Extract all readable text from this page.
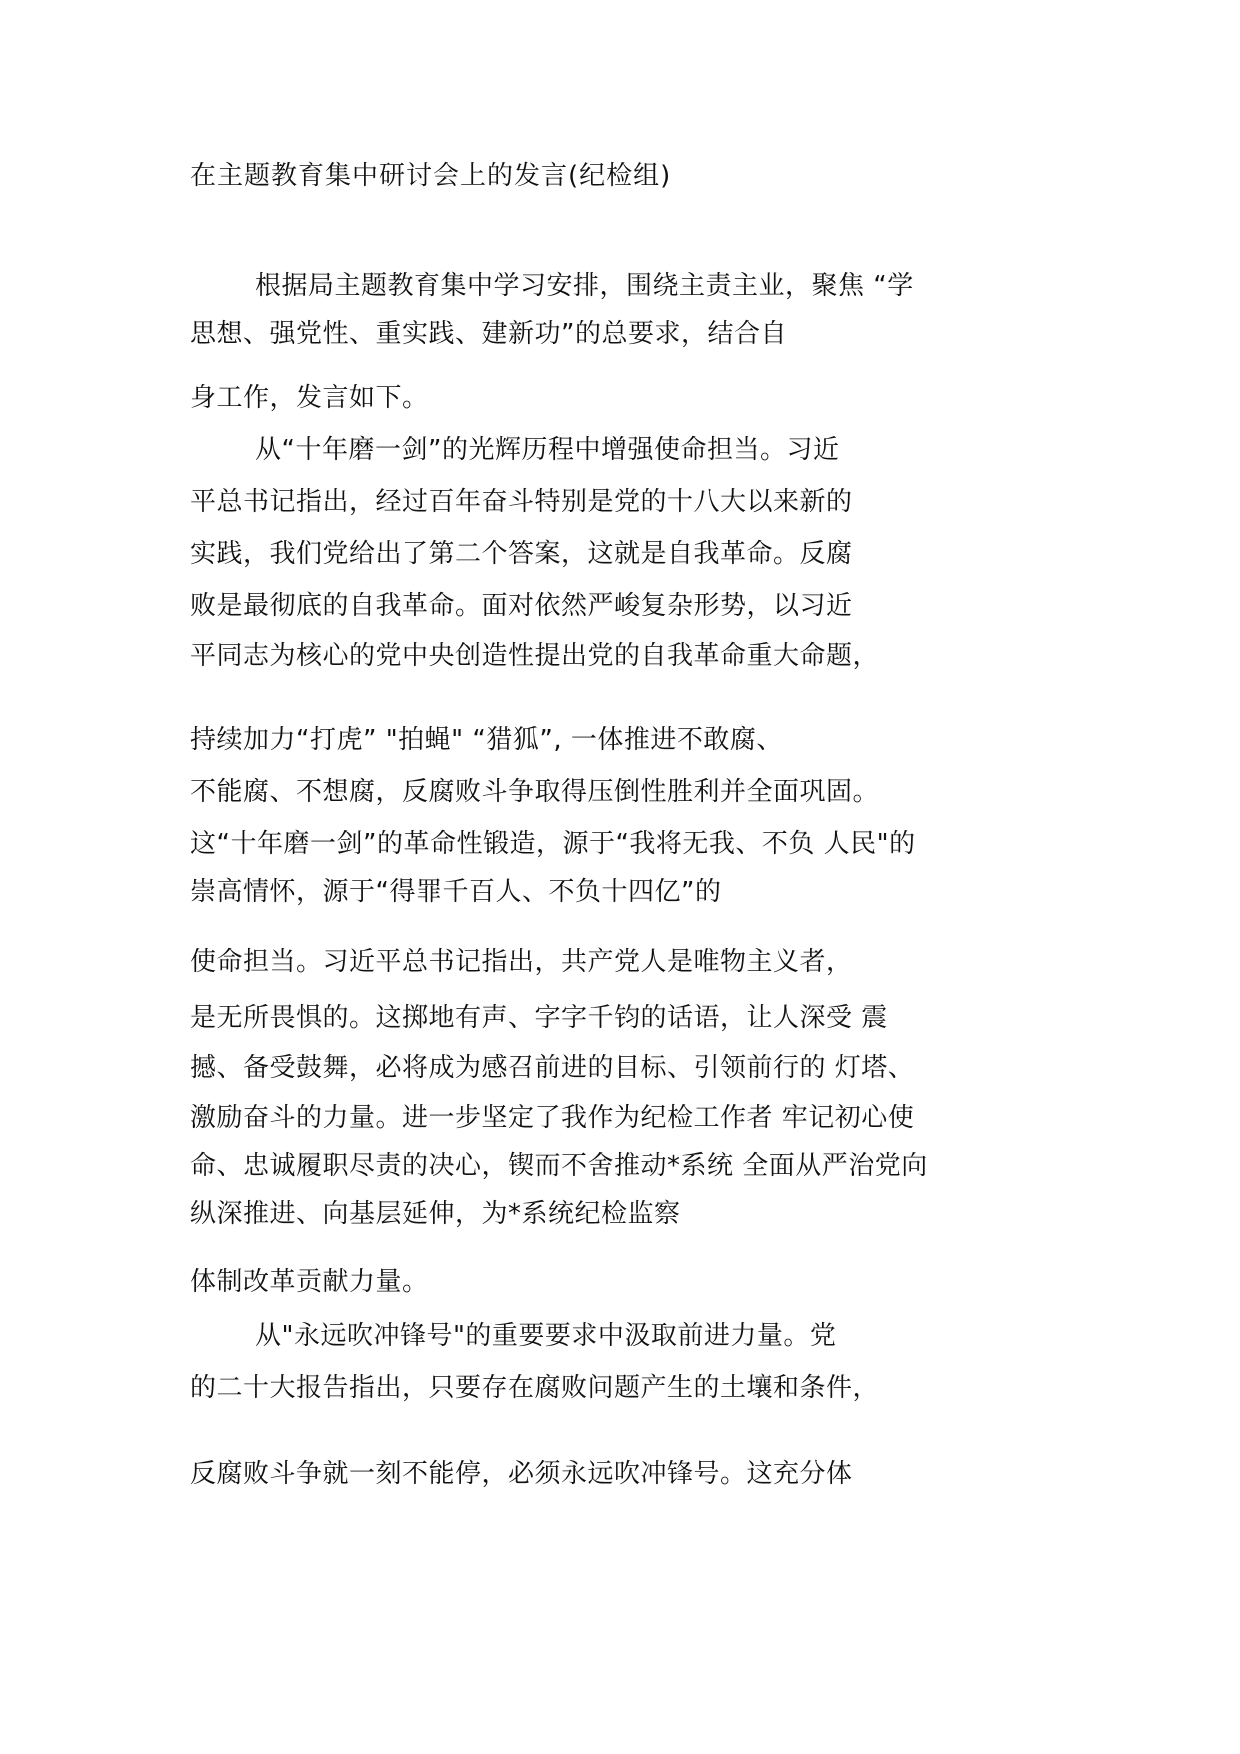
在主题教育集中研讨会上的发言(纪检组)
根据局主题教育集中学习安排，围绕主责主业，聚焦 “学
思想、强党性、重实践、建新功”的总要求，结合自
身工作，发言如下。
从“十年磨一剑”的光辉历程中增强使命担当。习近
平总书记指出，经过百年奋斗特别是党的十八大以来新的
实践，我们党给出了第二个答案，这就是自我革命。反腐
败是最彻底的自我革命。面对依然严峻复杂形势，以习近
平同志为核心的党中央创造性提出党的自我革命重大命题，
持续加力“打虎” "拍蝇" “猎狐”, 一体推进不敢腐、
不能腐、不想腐，反腐败斗争取得压倒性胜利并全面巩固。
这“十年磨一剑”的革命性锻造，源于“我将无我、不负 人民"的
崇高情怀，源于“得罪千百人、不负十四亿”的
使命担当。习近平总书记指出，共产党人是唯物主义者，
是无所畏惧的。这掷地有声、字字千钧的话语，让人深受 震
撼、备受鼓舞，必将成为感召前进的目标、引领前行的 灯塔、
激励奋斗的力量。进一步坚定了我作为纪检工作者 牢记初心使
命、忠诚履职尽责的决心，锲而不舍推动*系统 全面从严治党向
纵深推进、向基层延伸，为*系统纪检监察
体制改革贡献力量。
从"永远吹冲锋号"的重要要求中汲取前进力量。党
的二十大报告指出，只要存在腐败问题产生的土壤和条件，
反腐败斗争就一刻不能停，必须永远吹冲锋号。这充分体
